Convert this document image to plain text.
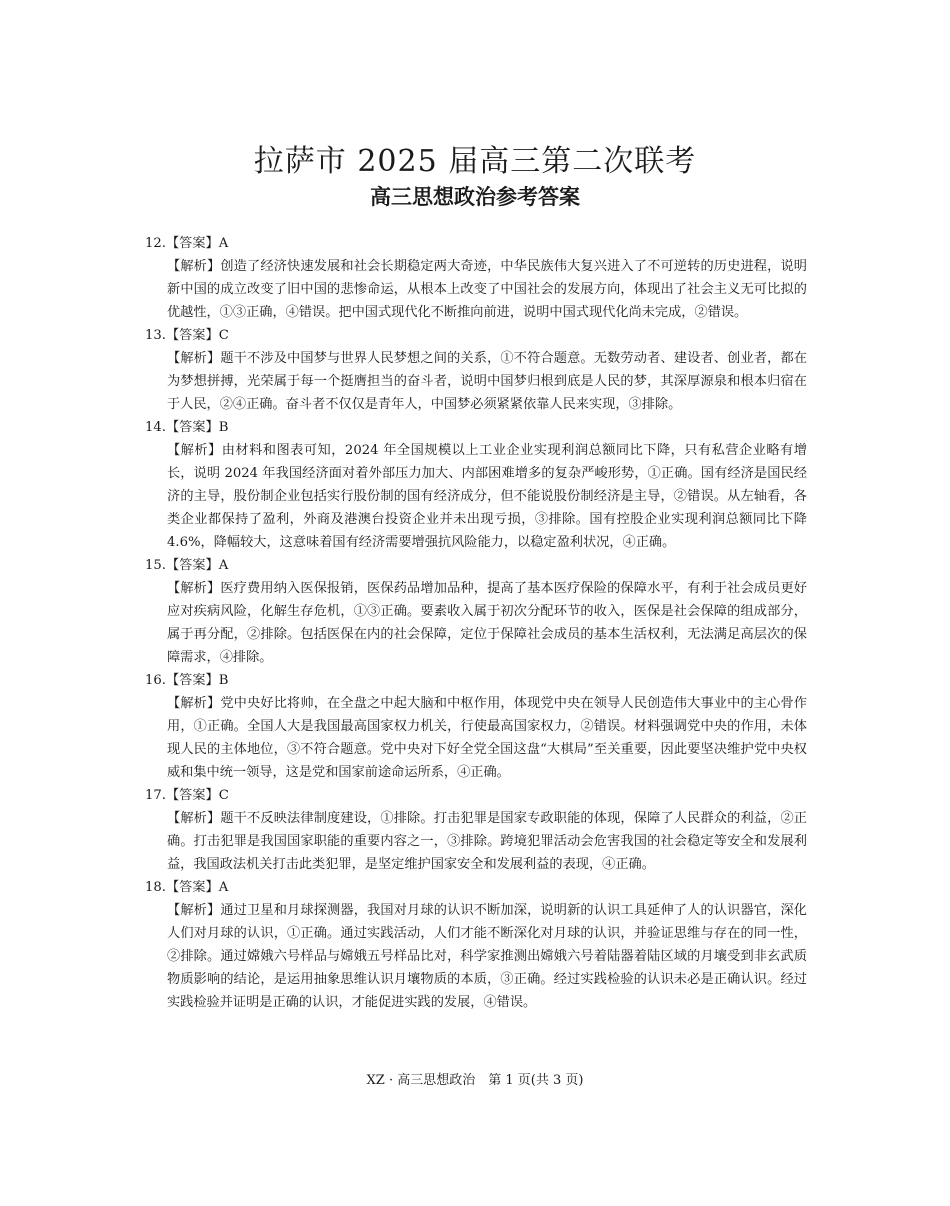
拉萨市 2025 届高三第二次联考
高三思想政治参考答案

12.【答案】A

【解析】创造了经济快速发展和社会长期稳定两大奇迹，中华民族伟大复兴进入了不可逆转的历史进程，说明新中国的成立改变了旧中国的悲惨命运，从根本上改变了中国社会的发展方向，体现出了社会主义无可比拟的优越性，①③正确，④错误。把中国式现代化不断推向前进，说明中国式现代化尚未完成，②错误。

13.【答案】C

【解析】题干不涉及中国梦与世界人民梦想之间的关系，①不符合题意。无数劳动者、建设者、创业者，都在为梦想拼搏，光荣属于每一个挺膺担当的奋斗者，说明中国梦归根到底是人民的梦，其深厚源泉和根本归宿在于人民，②④正确。奋斗者不仅仅是青年人，中国梦必须紧紧依靠人民来实现，③排除。

14.【答案】B

【解析】由材料和图表可知，2024 年全国规模以上工业企业实现利润总额同比下降，只有私营企业略有增长，说明 2024 年我国经济面对着外部压力加大、内部困难增多的复杂严峻形势，①正确。国有经济是国民经济的主导，股份制企业包括实行股份制的国有经济成分，但不能说股份制经济是主导，②错误。从左轴看，各类企业都保持了盈利，外商及港澳台投资企业并未出现亏损，③排除。国有控股企业实现利润总额同比下降 4.6%，降幅较大，这意味着国有经济需要增强抗风险能力，以稳定盈利状况，④正确。

15.【答案】A

【解析】医疗费用纳入医保报销，医保药品增加品种，提高了基本医疗保险的保障水平，有利于社会成员更好应对疾病风险，化解生存危机，①③正确。要素收入属于初次分配环节的收入，医保是社会保障的组成部分，属于再分配，②排除。包括医保在内的社会保障，定位于保障社会成员的基本生活权利，无法满足高层次的保障需求，④排除。

16.【答案】B

【解析】党中央好比将帅，在全盘之中起大脑和中枢作用，体现党中央在领导人民创造伟大事业中的主心骨作用，①正确。全国人大是我国最高国家权力机关，行使最高国家权力，②错误。材料强调党中央的作用，未体现人民的主体地位，③不符合题意。党中央对下好全党全国这盘“大棋局”至关重要，因此要坚决维护党中央权威和集中统一领导，这是党和国家前途命运所系，④正确。

17.【答案】C

【解析】题干不反映法律制度建设，①排除。打击犯罪是国家专政职能的体现，保障了人民群众的利益，②正确。打击犯罪是我国国家职能的重要内容之一，③排除。跨境犯罪活动会危害我国的社会稳定等安全和发展利益，我国政法机关打击此类犯罪，是坚定维护国家安全和发展利益的表现，④正确。

18.【答案】A

【解析】通过卫星和月球探测器，我国对月球的认识不断加深，说明新的认识工具延伸了人的认识器官，深化人们对月球的认识，①正确。通过实践活动，人们才能不断深化对月球的认识，并验证思维与存在的同一性，②排除。通过嫦娥六号样品与嫦娥五号样品比对，科学家推测出嫦娥六号着陆器着陆区域的月壤受到非玄武质物质影响的结论，是运用抽象思维认识月壤物质的本质，③正确。经过实践检验的认识未必是正确认识。经过实践检验并证明是正确的认识，才能促进实践的发展，④错误。

XZ · 高三思想政治　第 1 页(共 3 页)
